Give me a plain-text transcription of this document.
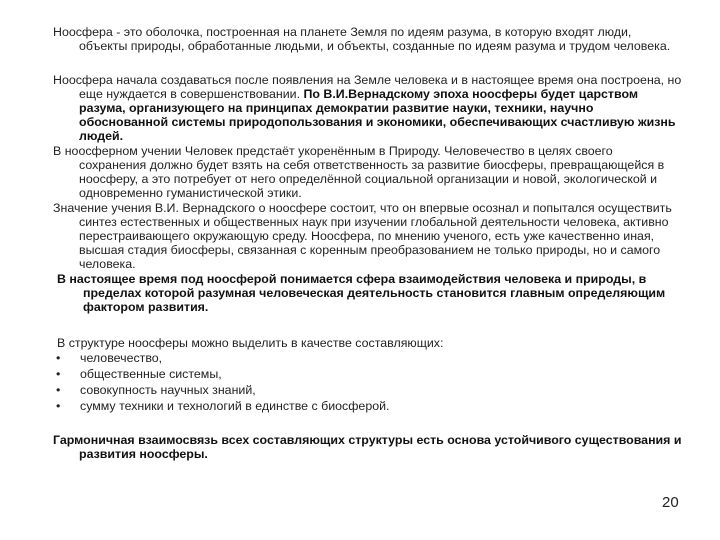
Ноосфера - это оболочка, построенная на планете Земля по идеям разума, в которую входят люди, объекты природы, обработанные людьми, и объекты, созданные по идеям разума и трудом человека.
Ноосфера начала создаваться после появления на Земле человека и в настоящее время она построена, но еще нуждается в совершенствовании. По В.И.Вернадскому эпоха ноосферы будет царством разума, организующего на принципах демократии развитие науки, техники, научно обоснованной системы природопользования и экономики, обеспечивающих счастливую жизнь людей.
В ноосферном учении Человек предстаёт укоренённым в Природу. Человечество в целях своего сохранения должно будет взять на себя ответственность за развитие биосферы, превращающейся в ноосферу, а это потребует от него определённой социальной организации и новой, экологической и одновременно гуманистической этики.
Значение учения В.И. Вернадского о ноосфере состоит, что он впервые осознал и попытался осуществить синтез естественных и общественных наук при изучении глобальной деятельности человека, активно перестраивающего окружающую среду. Ноосфера, по мнению ученого, есть уже качественно иная, высшая стадия биосферы, связанная с коренным преобразованием не только природы, но и самого человека.
В настоящее время под ноосферой понимается сфера взаимодействия человека и природы, в пределах которой разумная человеческая деятельность становится главным определяющим фактором развития.
В структуре ноосферы можно выделить в качестве составляющих:
• человечество,
• общественные системы,
• совокупность научных знаний,
• сумму техники и технологий в единстве с биосферой.
Гармоничная взаимосвязь всех составляющих структуры есть основа устойчивого существования и развития ноосферы.
20
